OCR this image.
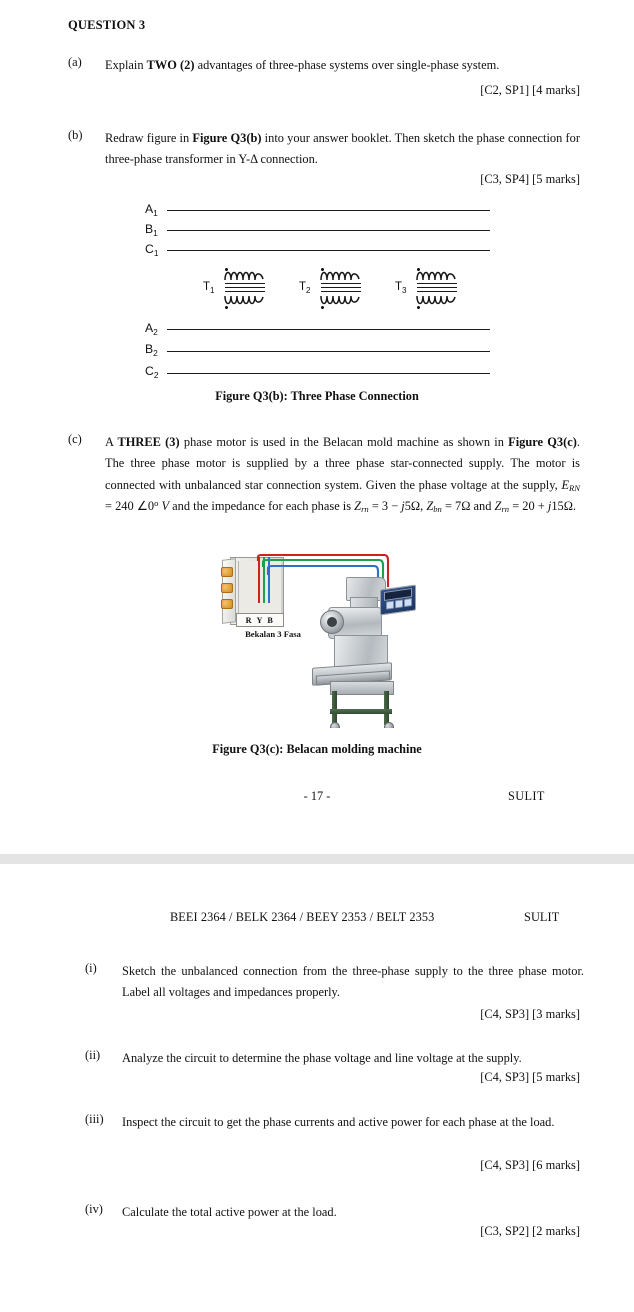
QUESTION 3
(a)	Explain TWO (2) advantages of three-phase systems over single-phase system.
[C2, SP1] [4 marks]
(b)	Redraw figure in Figure Q3(b) into your answer booklet. Then sketch the phase connection for three-phase transformer in Y-Δ connection.
[C3, SP4] [5 marks]
$A_1$
$B_1$
$C_1$
$T_1$	$T_2$	$T_3$
$A_2$
$B_2$
$C_2$
Figure Q3(b): Three Phase Connection
(c)	A THREE (3) phase motor is used in the Belacan mold machine as shown in Figure Q3(c). The three phase motor is supplied by a three phase star-connected supply. The motor is connected with unbalanced star connection system. Given the phase voltage at the supply, $E_{RN} = 240$ ∠0$^o$ V and the impedance for each phase is $Z_{rn} = 3 - j5\Omega$, $Z_{bn} = 7\Omega$ and $Z_{rn} = 20 + j15\Omega$.
R Y B
Bekalan 3 Fasa
Figure Q3(c): Belacan molding machine
- 17 -	SULIT
BEEI 2364 / BELK 2364 / BEEY 2353 / BELT 2353	SULIT
(i)	Sketch the unbalanced connection from the three-phase supply to the three phase motor. Label all voltages and impedances properly.
[C4, SP3] [3 marks]
(ii)	Analyze the circuit to determine the phase voltage and line voltage at the supply.
[C4, SP3] [5 marks]
(iii)	Inspect the circuit to get the phase currents and active power for each phase at the load.
[C4, SP3] [6 marks]
(iv)	Calculate the total active power at the load.
[C3, SP2] [2 marks]
